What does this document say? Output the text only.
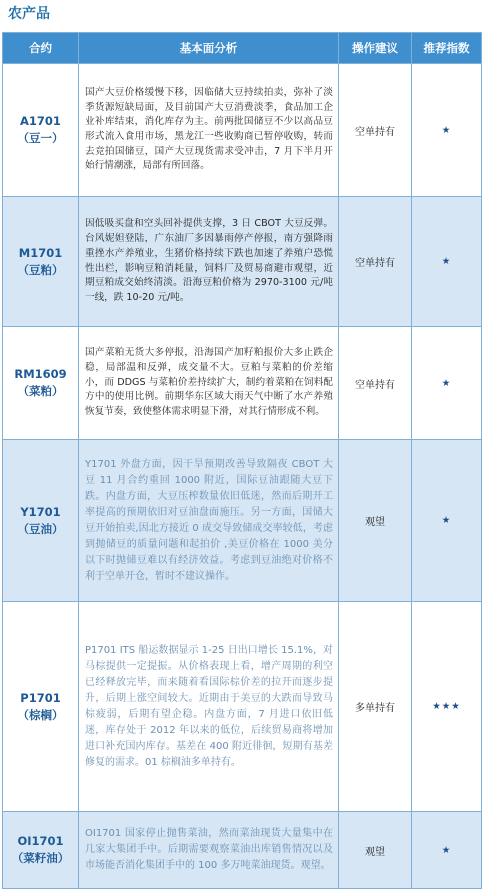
农产品
合约	基本面分析	操作建议	推荐指数

A1701
（豆一）	国产大豆价格缓慢下移，因临储大豆持续拍卖，弥补了淡季货源短缺局面，及目前国产大豆消费淡季，食品加工企业补库结束，消化库存为主。前两批国储豆不少以高品豆形式流入食用市场，黑龙江一些收购商已暂停收购，转而去竞拍国储豆，国产大豆现货需求受冲击，7 月下半月开始行情潮涨，局部有所回落。	空单持有	★

M1701
（豆粕）	因低吸买盘和空头回补提供支撑，3 日 CBOT 大豆反弹。台风妮妲登陆，广东油厂多因暴雨停产停报，南方强降雨重挫水产养殖业，生猪价格持续下跌也加速了养殖户恐慌性出栏，影响豆粕消耗量，饲料厂及贸易商避市观望，近期豆粕成交始终清淡。沿海豆粕价格为 2970-3100 元/吨一线，跌 10-20 元/吨。	空单持有	★

RM1609
（菜粕）	国产菜粕无货大多停报，沿海国产加籽粕报价大多止跌企稳，局部温和反弹，成交量不大。豆粕与菜粕的价差缩小，而 DDGS 与菜粕价差持续扩大，制约着菜粕在饲料配方中的使用比例。前期华东区域大雨天气中断了水产养殖恢复节奏，致使整体需求明显下滑，对其行情形成不利。	空单持有	★

Y1701
（豆油）	Y1701 外盘方面，因干旱预期改善导致隔夜 CBOT 大豆 11 月合约重回 1000 附近，国际豆油跟随大豆下跌。内盘方面，大豆压榨数量依旧低迷，然而后期开工率提高的预期依旧对豆油盘面施压。另一方面，国储大豆开始拍卖,因北方接近 0 成交导致储成交率较低，考虑到抛储豆的质量问题和起拍价 ,美豆价格在 1000 美分以下时抛储豆难以有经济效益。考虑到豆油绝对价格不利于空单开仓，暂时不建议操作。	观望	★

P1701
（棕榈）	P1701 ITS 船运数据显示 1-25 日出口增长 15.1%，对马棕提供一定提振。从价格表现上看，增产周期的利空已经释放完毕，而来随着看国际棕价差的拉开而逐步提升，后期上涨空间较大。近期由于美豆的大跌而导致马棕疲弱，后期有望企稳。内盘方面，7 月进口依旧低迷，库存处于 2012 年以来的低位，后续贸易商将增加进口补充国内库存。基差在 400 附近徘徊，短期有基差修复的需求。01 棕榈油多单持有。	多单持有	★★★

OI1701
（菜籽油）	OI1701 国家停止抛售菜油，然而菜油现货大量集中在几家大集团手中。后期需要观察菜油出库销售情况以及市场能否消化集团手中的 100 多万吨菜油现货。观望。	观望	★
